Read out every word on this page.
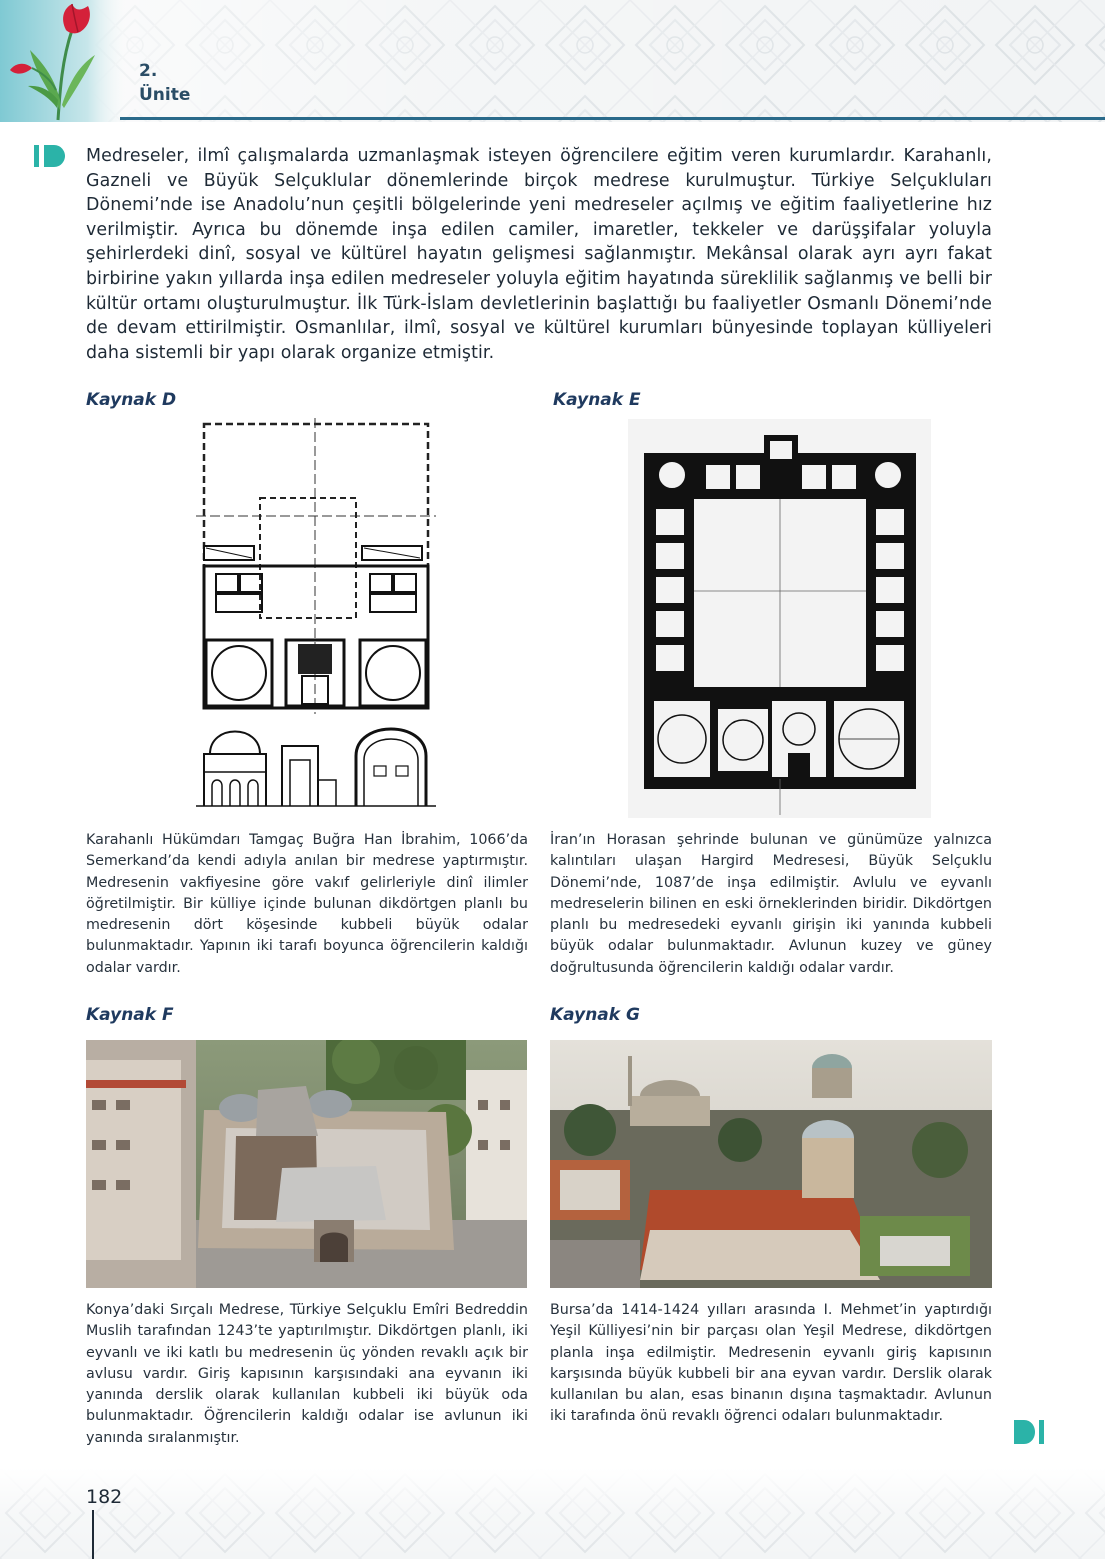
2.
Ünite
Medreseler, ilmî çalışmalarda uzmanlaşmak isteyen öğrencilere eğitim veren kurumlardır. Karahanlı, Gazneli ve Büyük Selçuklular dönemlerinde birçok medrese kurulmuştur. Türkiye Selçukluları Dönemi’nde ise Anadolu’nun çeşitli bölgelerinde yeni medreseler açılmış ve eğitim faaliyetlerine hız verilmiştir. Ayrıca bu dönemde inşa edilen camiler, imaretler, tekkeler ve darüşşifalar yoluyla şehirlerdeki dinî, sosyal ve kültürel hayatın gelişmesi sağlanmıştır. Mekânsal olarak ayrı ayrı fakat birbirine yakın yıllarda inşa edilen medreseler yoluyla eğitim hayatında süreklilik sağlanmış ve belli bir kültür ortamı oluşturulmuştur. İlk Türk-İslam devletlerinin başlattığı bu faaliyetler Osmanlı Dönemi’nde de devam ettirilmiştir. Osmanlılar, ilmî, sosyal ve kültürel kurumları bünyesinde toplayan külliyeleri daha sistemli bir yapı olarak organize etmiştir.
Kaynak D
Karahanlı Hükümdarı Tamgaç Buğra Han İbrahim, 1066’da Semerkand’da kendi adıyla anılan bir medrese yaptırmıştır. Medresenin vakfiyesine göre vakıf gelirleriyle dinî ilimler öğretilmiştir. Bir külliye içinde bulunan dikdörtgen planlı bu medresenin dört köşesinde kubbeli büyük odalar bulunmaktadır. Yapının iki tarafı boyunca öğrencilerin kaldığı odalar vardır.
Kaynak E
İran’ın Horasan şehrinde bulunan ve günümüze yalnızca kalıntıları ulaşan Hargird Medresesi, Büyük Selçuklu Dönemi’nde, 1087’de inşa edilmiştir. Avlulu ve eyvanlı medreselerin bilinen en eski örneklerinden biridir. Dikdörtgen planlı bu medresedeki eyvanlı girişin iki yanında kubbeli büyük odalar bulunmaktadır. Avlunun kuzey ve güney doğrultusunda öğrencilerin kaldığı odalar vardır.
Kaynak F
Konya’daki Sırçalı Medrese, Türkiye Selçuklu Emîri Bedreddin Muslih tarafından 1243’te yaptırılmıştır. Dikdörtgen planlı, iki eyvanlı ve iki katlı bu medresenin üç yönden revaklı açık bir avlusu vardır. Giriş kapısının karşısındaki ana eyvanın iki yanında derslik olarak kullanılan kubbeli iki büyük oda bulunmaktadır. Öğrencilerin kaldığı odalar ise avlunun iki yanında sıralanmıştır.
Kaynak G
Bursa’da 1414-1424 yılları arasında I. Mehmet’in yaptırdığı Yeşil Külliyesi’nin bir parçası olan Yeşil Medrese, dikdörtgen planla inşa edilmiştir. Medresenin eyvanlı giriş kapısının karşısında büyük kubbeli bir ana eyvan vardır. Derslik olarak kullanılan bu alan, esas binanın dışına taşmaktadır. Avlunun iki tarafında önü revaklı öğrenci odaları bulunmaktadır.
182
